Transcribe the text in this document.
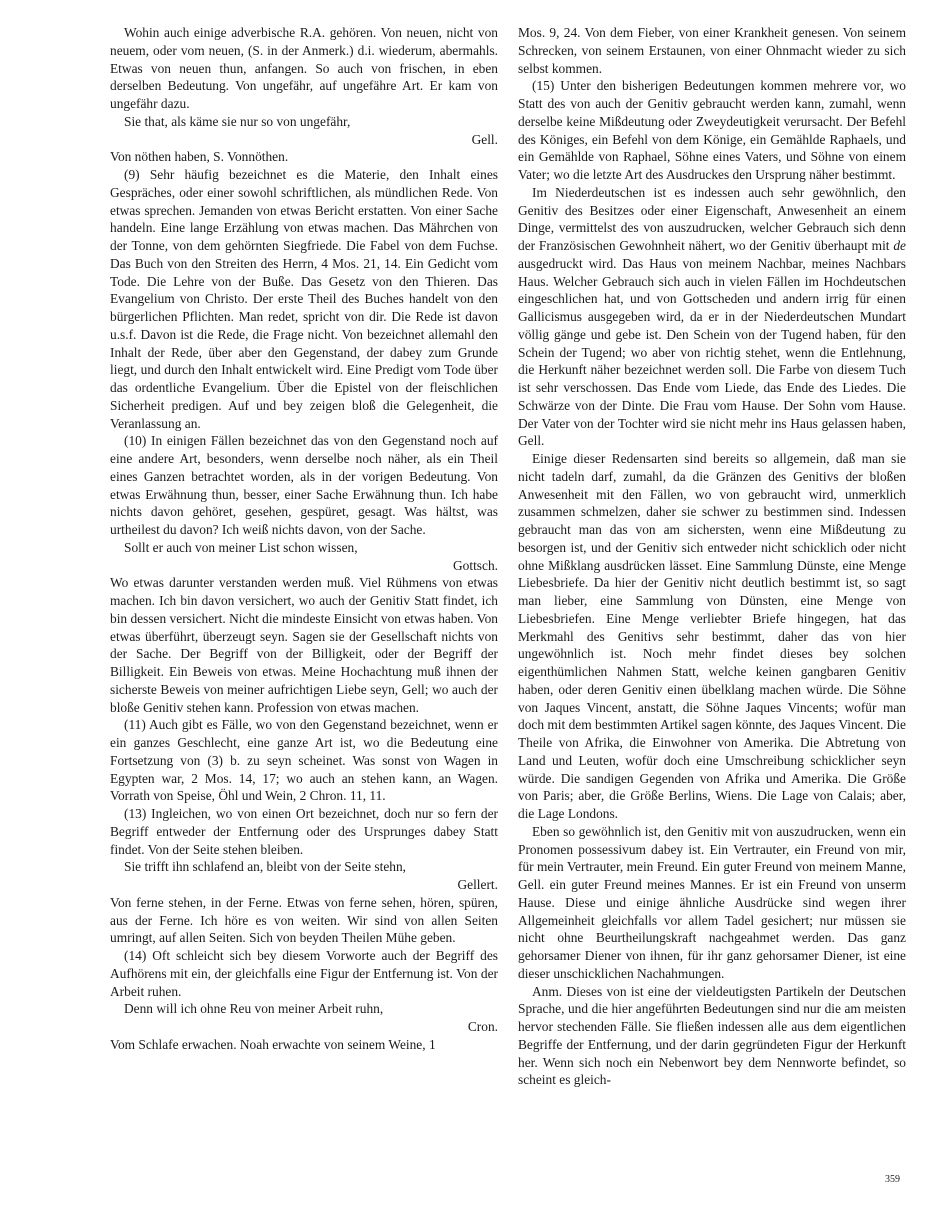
Wohin auch einige adverbische R.A. gehören. Von neuen, nicht von neuem, oder vom neuen, (S. in der Anmerk.) d.i. wiederum, abermahls. Etwas von neuen thun, anfangen. So auch von frischen, in eben derselben Bedeutung. Von ungefähr, auf ungefähre Art. Er kam von ungefähr dazu.

Sie that, als käme sie nur so von ungefähr,
Gell.

Von nöthen haben, S. Vonnöthen.

(9) Sehr häufig bezeichnet es die Materie, den Inhalt eines Gespräches, oder einer sowohl schriftlichen, als mündlichen Rede. Von etwas sprechen. Jemanden von etwas Bericht erstatten. Von einer Sache handeln. Eine lange Erzählung von etwas machen. Das Mährchen von der Tonne, von dem gehörnten Siegfriede. Die Fabel von dem Fuchse. Das Buch von den Streiten des Herrn, 4 Mos. 21, 14. Ein Gedicht vom Tode. Die Lehre von der Buße. Das Gesetz von den Thieren. Das Evangelium von Christo. Der erste Theil des Buches handelt von den bürgerlichen Pflichten. Man redet, spricht von dir. Die Rede ist davon u.s.f. Davon ist die Rede, die Frage nicht. Von bezeichnet allemahl den Inhalt der Rede, über aber den Gegenstand, der dabey zum Grunde liegt, und durch den Inhalt entwickelt wird. Eine Predigt vom Tode über das ordentliche Evangelium. Über die Epistel von der fleischlichen Sicherheit predigen. Auf und bey zeigen bloß die Gelegenheit, die Veranlassung an.

(10) In einigen Fällen bezeichnet das von den Gegenstand noch auf eine andere Art, besonders, wenn derselbe noch näher, als ein Theil eines Ganzen betrachtet worden, als in der vorigen Bedeutung. Von etwas Erwähnung thun, besser, einer Sache Erwähnung thun. Ich habe nichts davon gehöret, gesehen, gespüret, gesagt. Was hältst, was urtheilest du davon? Ich weiß nichts davon, von der Sache.

Sollt er auch von meiner List schon wissen,
Gottsch.

Wo etwas darunter verstanden werden muß. Viel Rühmens von etwas machen. Ich bin davon versichert, wo auch der Genitiv Statt findet, ich bin dessen versichert. Nicht die mindeste Einsicht von etwas haben. Von etwas überführt, überzeugt seyn. Sagen sie der Gesellschaft nichts von der Sache. Der Begriff von der Billigkeit, oder der Begriff der Billigkeit. Ein Beweis von etwas. Meine Hochachtung muß ihnen der sicherste Beweis von meiner aufrichtigen Liebe seyn, Gell; wo auch der bloße Genitiv stehen kann. Profession von etwas machen.

(11) Auch gibt es Fälle, wo von den Gegenstand bezeichnet, wenn er ein ganzes Geschlecht, eine ganze Art ist, wo die Bedeutung eine Fortsetzung von (3) b. zu seyn scheinet. Was sonst von Wagen in Egypten war, 2 Mos. 14, 17; wo auch an stehen kann, an Wagen. Vorrath von Speise, Öhl und Wein, 2 Chron. 11, 11.

(13) Ingleichen, wo von einen Ort bezeichnet, doch nur so fern der Begriff entweder der Entfernung oder des Ursprunges dabey Statt findet. Von der Seite stehen bleiben.

Sie trifft ihn schlafend an, bleibt von der Seite stehn,
Gellert.

Von ferne stehen, in der Ferne. Etwas von ferne sehen, hören, spüren, aus der Ferne. Ich höre es von weiten. Wir sind von allen Seiten umringt, auf allen Seiten. Sich von beyden Theilen Mühe geben.

(14) Oft schleicht sich bey diesem Vorworte auch der Begriff des Aufhörens mit ein, der gleichfalls eine Figur der Entfernung ist. Von der Arbeit ruhen.

Denn will ich ohne Reu von meiner Arbeit ruhn,
Cron.

Vom Schlafe erwachen. Noah erwachte von seinem Weine, 1

Mos. 9, 24. Von dem Fieber, von einer Krankheit genesen. Von seinem Schrecken, von seinem Erstaunen, von einer Ohnmacht wieder zu sich selbst kommen.

(15) Unter den bisherigen Bedeutungen kommen mehrere vor, wo Statt des von auch der Genitiv gebraucht werden kann, zumahl, wenn derselbe keine Mißdeutung oder Zweydeutigkeit verursacht. Der Befehl des Königes, ein Befehl von dem Könige, ein Gemählde Raphaels, und ein Gemählde von Raphael, Söhne eines Vaters, und Söhne von einem Vater; wo die letzte Art des Ausdruckes den Ursprung näher bestimmt.

Im Niederdeutschen ist es indessen auch sehr gewöhnlich, den Genitiv des Besitzes oder einer Eigenschaft, Anwesenheit an einem Dinge, vermittelst des von auszudrucken, welcher Gebrauch sich denn der Französischen Gewohnheit nähert, wo der Genitiv überhaupt mit de ausgedruckt wird. Das Haus von meinem Nachbar, meines Nachbars Haus. Welcher Gebrauch sich auch in vielen Fällen im Hochdeutschen eingeschlichen hat, und von Gottscheden und andern irrig für einen Gallicismus ausgegeben wird, da er in der Niederdeutschen Mundart völlig gänge und gebe ist. Den Schein von der Tugend haben, für den Schein der Tugend; wo aber von richtig stehet, wenn die Entlehnung, die Herkunft näher bezeichnet werden soll. Die Farbe von diesem Tuch ist sehr verschossen. Das Ende vom Liede, das Ende des Liedes. Die Schwärze von der Dinte. Die Frau vom Hause. Der Sohn vom Hause. Der Vater von der Tochter wird sie nicht mehr ins Haus gelassen haben, Gell.

Einige dieser Redensarten sind bereits so allgemein, daß man sie nicht tadeln darf, zumahl, da die Gränzen des Genitivs der bloßen Anwesenheit mit den Fällen, wo von gebraucht wird, unmerklich zusammen schmelzen, daher sie schwer zu bestimmen sind. Indessen gebraucht man das von am sichersten, wenn eine Mißdeutung zu besorgen ist, und der Genitiv sich entweder nicht schicklich oder nicht ohne Mißklang ausdrücken lässet. Eine Sammlung Dünste, eine Menge Liebesbriefe. Da hier der Genitiv nicht deutlich bestimmt ist, so sagt man lieber, eine Sammlung von Dünsten, eine Menge von Liebesbriefen. Eine Menge verliebter Briefe hingegen, hat das Merkmahl des Genitivs sehr bestimmt, daher das von hier ungewöhnlich ist. Noch mehr findet dieses bey solchen eigenthümlichen Nahmen Statt, welche keinen gangbaren Genitiv haben, oder deren Genitiv einen übelklang machen würde. Die Söhne von Jaques Vincent, anstatt, die Söhne Jaques Vincents; wofür man doch mit dem bestimmten Artikel sagen könnte, des Jaques Vincent. Die Theile von Afrika, die Einwohner von Amerika. Die Abtretung von Land und Leuten, wofür doch eine Umschreibung schicklicher seyn würde. Die sandigen Gegenden von Afrika und Amerika. Die Größe von Paris; aber, die Größe Berlins, Wiens. Die Lage von Calais; aber, die Lage Londons.

Eben so gewöhnlich ist, den Genitiv mit von auszudrucken, wenn ein Pronomen possessivum dabey ist. Ein Vertrauter, ein Freund von mir, für mein Vertrauter, mein Freund. Ein guter Freund von meinem Manne, Gell. ein guter Freund meines Mannes. Er ist ein Freund von unserm Hause. Diese und einige ähnliche Ausdrücke sind wegen ihrer Allgemeinheit gleichfalls vor allem Tadel gesichert; nur müssen sie nicht ohne Beurtheilungskraft nachgeahmet werden. Das ganz gehorsamer Diener von ihnen, für ihr ganz gehorsamer Diener, ist eine dieser unschicklichen Nachahmungen.

Anm. Dieses von ist eine der vieldeutigsten Partikeln der Deutschen Sprache, und die hier angeführten Bedeutungen sind nur die am meisten hervor stechenden Fälle. Sie fließen indessen alle aus dem eigentlichen Begriffe der Entfernung, und der darin gegründeten Figur der Herkunft her. Wenn sich noch ein Nebenwort bey dem Nennworte befindet, so scheint es gleich-

359
